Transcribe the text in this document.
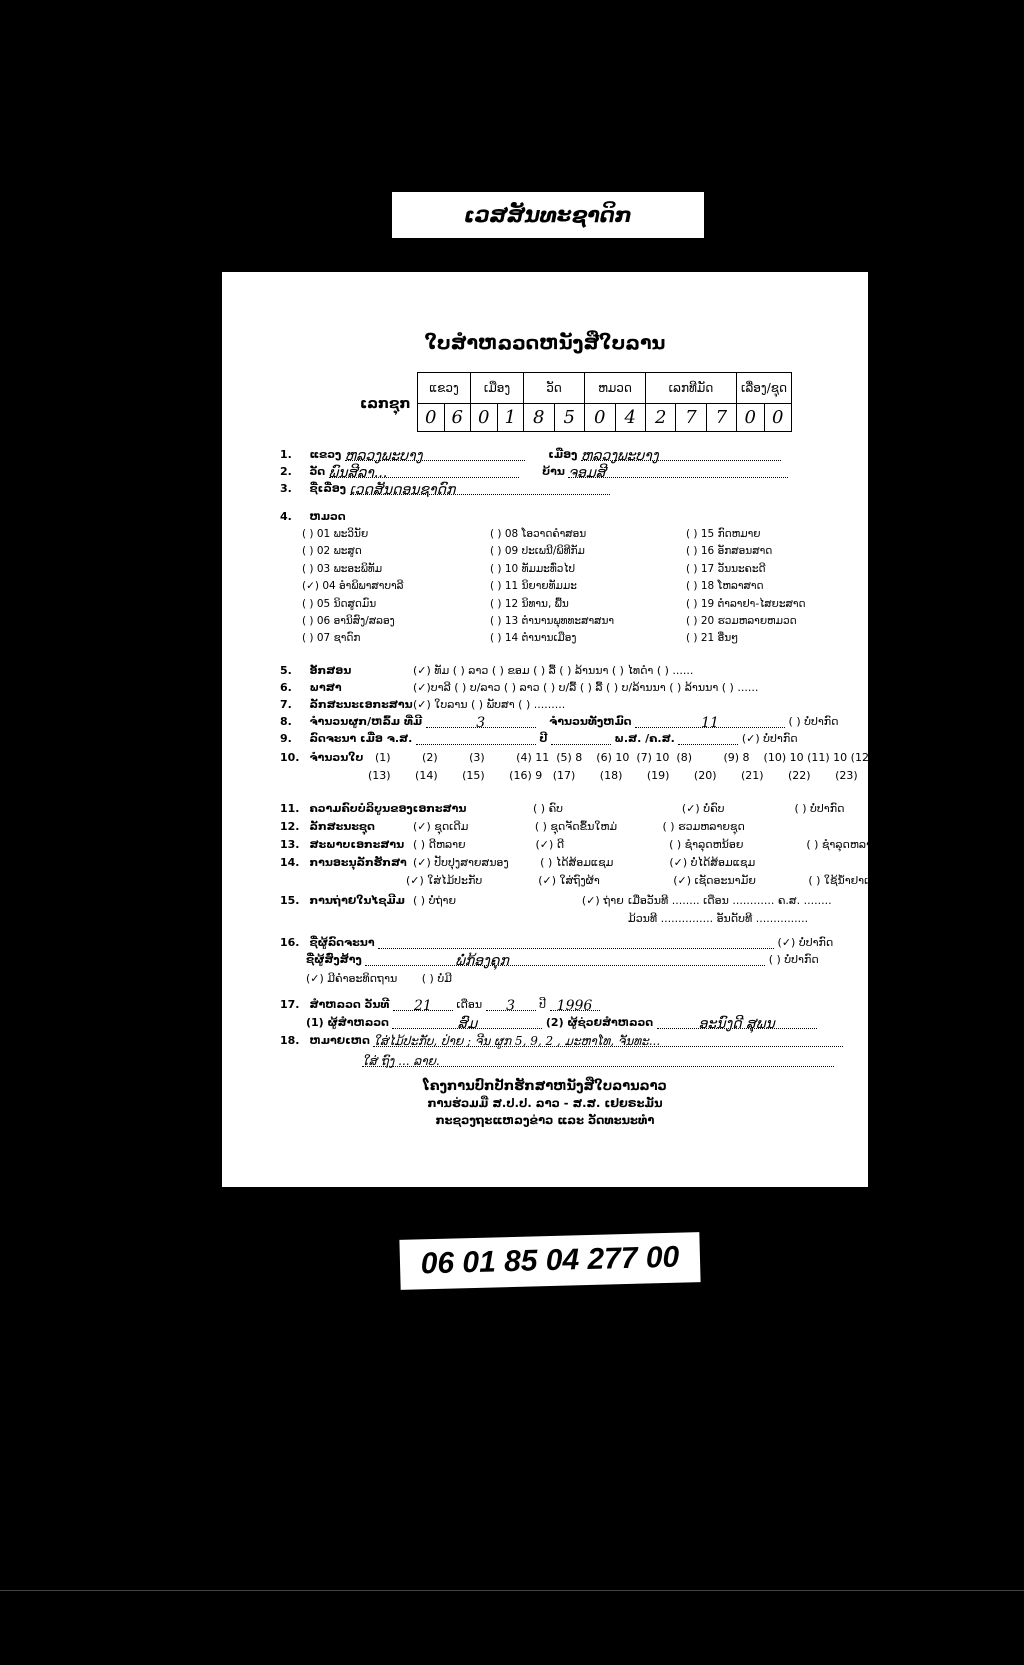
ເວສສັນທະຊາດິກ
ໃບສຳຫລວດຫນັງສືໃບລານ
ເລກຊຸກ
ແຂວງ		ເມືອງ		ວັດ		ຫມວດ		ເລກທີມັດ			ເລື່ອງ/ຊຸດ	
0	6	0	1	8	5	0	4	2	7	7	0	0
1. ແຂວງ ຫລວງພະບາງ	ເມືອງ ຫລວງພະບາງ
2. ວັດ ພົນສີລາ...	ບ້ານ ຈອມສີ
3. ຊື່ເລື່ອງ ເວດສັນດອນຊາດົກ
4. ຫມວດ
( ) 01 ພະວິນັຍ
( ) 02 ພະສູດ
( ) 03 ພະອະພິທັມ
(✓) 04 ອໍາພິພາສາບາລີ
( ) 05 ນິດສູດມົນ
( ) 06 ອານິສົງ/ສລອງ
( ) 07 ຊາດົກ
( ) 08 ໂອວາດຄຳສອນ
( ) 09 ປະເພນີ/ພິທີກັມ
( ) 10 ທັມມະທົ່ວໄປ
( ) 11 ນິຍາຍທັມມະ
( ) 12 ນິທານ, ພື້ນ
( ) 13 ຕຳນານພຸທທະສາສນາ
( ) 14 ຕຳນານເມືອງ
( ) 15 ກົດຫມາຍ
( ) 16 ອັກສອນສາດ
( ) 17 ວັນນະຄະດີ
( ) 18 ໂຫລາສາດ
( ) 19 ຕຳລາຢາ-ໄສຍະສາດ
( ) 20 ຮວມຫລາຍຫມວດ
( ) 21 ອື່ນໆ
5. ອັກສອນ	(✓) ທັມ ( ) ລາວ ( ) ຂອມ ( ) ລື້ ( ) ລ້ານນາ ( ) ໄທດຳ ( ) ......
6. ພາສາ	(✓)ບາລີ ( ) ບ/ລາວ ( ) ລາວ ( ) ບ/ລື້ ( ) ລື້ ( ) ບ/ລ້ານນາ ( ) ລ້ານນາ ( ) ......
7. ລັກສະນະເອກະສານ (✓) ໃບລານ ( ) ພັບສາ ( ) .........
8. ຈຳນວນຜູກ/ຫລົ້ມ ທີ່ມີ	3	ຈຳນວນທັງຫມົດ	11	( ) ບໍ່ປາກົດ
9. ລົດຈະນາ ເມື່ອ ຈ.ສ.	ປີ	ພ.ສ. /ຄ.ສ.	(✓) ບໍ່ປາກົດ
10. ຈຳນວນໃບ (1)         (2)         (3)         (4) 11  (5) 8    (6) 10  (7) 10  (8)         (9) 8    (10) 10 (11) 10 (12)
(13)       (14)       (15)       (16) 9   (17)       (18)       (19)       (20)       (21)       (22)       (23)       (24)
11. ຄວາມຄົບບໍລິບູນຂອງເອກະສານ	( ) ຄົບ                                  (✓) ບໍ່ຄົບ                    ( ) ບໍ່ປາກົດ
12. ລັກສະນະຊຸດ	(✓) ຊຸດເດີມ                   ( ) ຊຸດຈັດຂຶ້ນໃຫມ່             ( ) ຮວມຫລາຍຊຸດ
13. ສະພາບເອກະສານ ( ) ດີຫລາຍ                    (✓) ດີ                              ( ) ຊຳລຸດຫນ້ອຍ                  ( ) ຊຳລຸດຫລາຍ
14. ການອະນຸລັກຮັກສາ (✓) ປັບປຸງສາຍສນອງ         ( ) ໄດ້ສ້ອມແຊມ                (✓) ບໍ່ໄດ້ສ້ອມແຊມ
(✓) ໃສ່ໄມ້ປະກັບ                (✓) ໃສ່ຖົງຜ້າ                     (✓) ເຊັດອະນາມັຍ               ( ) ໃຊ້ນ້ຳຢາເຄມີ
15. ການຖ່າຍໃນໄຊມີມ ( ) ບໍ່ຖ່າຍ                                    (✓) ຖ່າຍ ເມື່ອວັນທີ ........ ເດືອນ ............ ຄ.ສ. ........
ມ້ວນທີ ............... ອັນດັບທີ ...............
16. ຊື່ຜູ້ລົດຈະນາ	(✓) ບໍ່ປາກົດ
ຊື່ຜູ້ສົ່ງສ້າງ	ພໍ່ກ້ອງຄຸກ	( ) ບໍ່ປາກົດ
(✓) ມີຄຳອະທິດຖານ       ( ) ບໍ່ມີ
17. ສຳຫລວດ ວັນທີ 21 ເດືອນ 3 ປີ 1996
(1) ຜູ້ສຳຫລວດ	ສົມ	(2) ຜູ້ຊ່ວຍສຳຫລວດ	ອະນົງດີ ສຸພນ
18. ຫມາຍເຫດ ໃສ່ໄມ້ປະກັບ, ປ່າຍ ; ຈີນ ຜູກ 5, 9, 2 , ມະຫາໂທ, ຈັນທະ...
ໃສ່ ຖົງ ... ລາຍ.
ໂຄງການປົກປັກຮັກສາຫນັງສືໃບລານລາວ
ການຮ່ວມມື ສ.ປ.ປ. ລາວ - ສ.ສ. ເຢຍຣະມັນ
ກະຊວງຖະແຫລງຂ່າວ ແລະ ວັດທະນະທຳ
06 01 85 04 277 00
